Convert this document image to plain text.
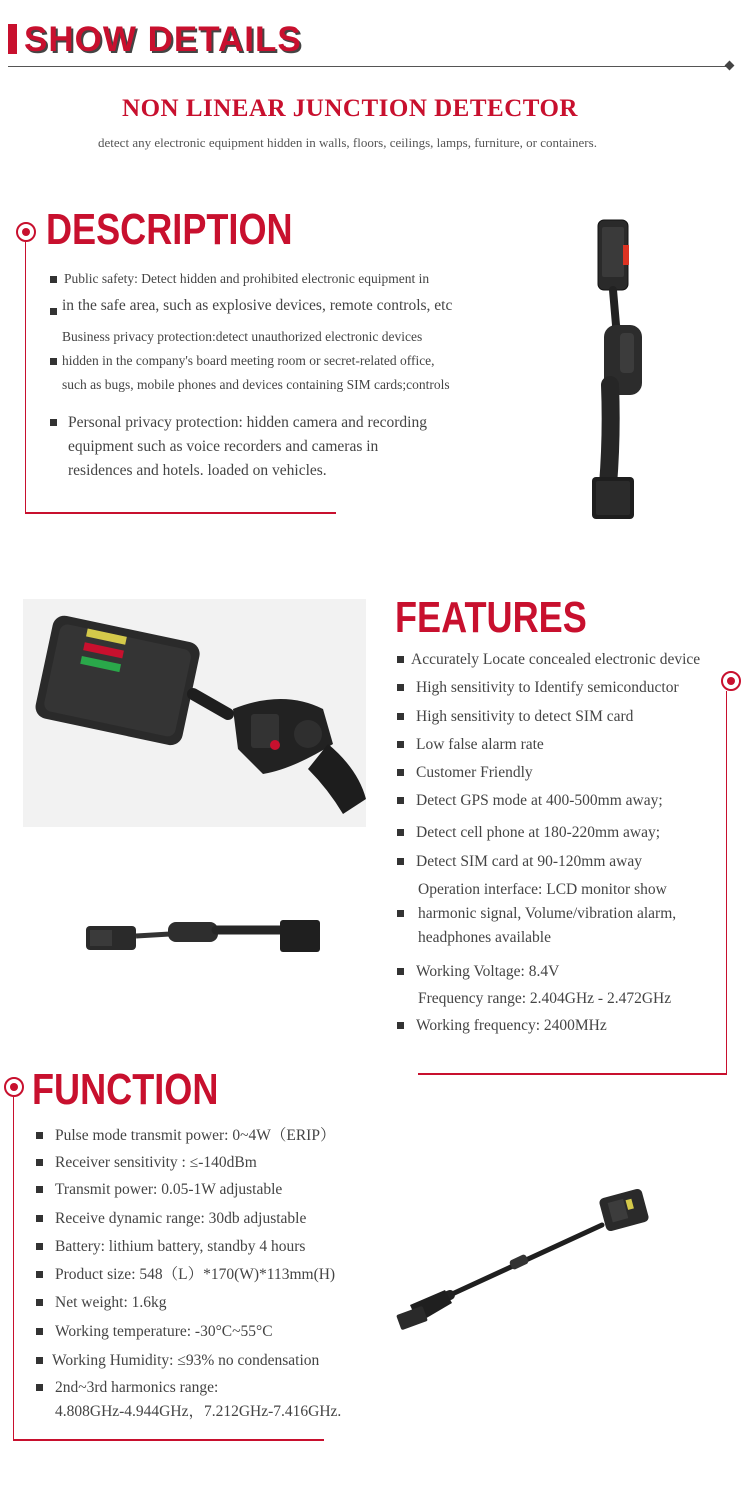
SHOW DETAILS
NON LINEAR JUNCTION DETECTOR
detect any electronic equipment hidden in walls, floors, ceilings, lamps, furniture, or containers.
DESCRIPTION
Public safety: Detect hidden and prohibited electronic equipment in
in the safe area, such as explosive devices, remote controls, etc
Business privacy protection:detect unauthorized electronic devices
hidden in the company's board meeting room or secret-related office,
such as bugs, mobile phones and devices containing SIM cards;controls
Personal privacy protection: hidden camera and recording
equipment such as voice recorders and cameras in
residences and hotels. loaded on vehicles.
FEATURES
Accurately Locate concealed electronic device
High sensitivity to Identify semiconductor
High sensitivity to detect SIM card
Low false alarm rate
Customer Friendly
Detect GPS mode at 400-500mm away;
Detect cell phone at 180-220mm away;
Detect SIM card at 90-120mm away
Operation interface: LCD monitor show
harmonic signal, Volume/vibration alarm,
headphones available
Working Voltage: 8.4V
Frequency range: 2.404GHz - 2.472GHz
Working frequency: 2400MHz
FUNCTION
Pulse mode transmit power: 0~4W（ERIP）
Receiver sensitivity : ≤-140dBm
Transmit power: 0.05-1W adjustable
Receive dynamic range: 30db adjustable
Battery: lithium battery, standby 4 hours
Product size: 548（L）*170(W)*113mm(H)
Net weight: 1.6kg
Working temperature: -30°C~55°C
Working Humidity: ≤93% no condensation
2nd~3rd harmonics range:
4.808GHz-4.944GHz，7.212GHz-7.416GHz.
